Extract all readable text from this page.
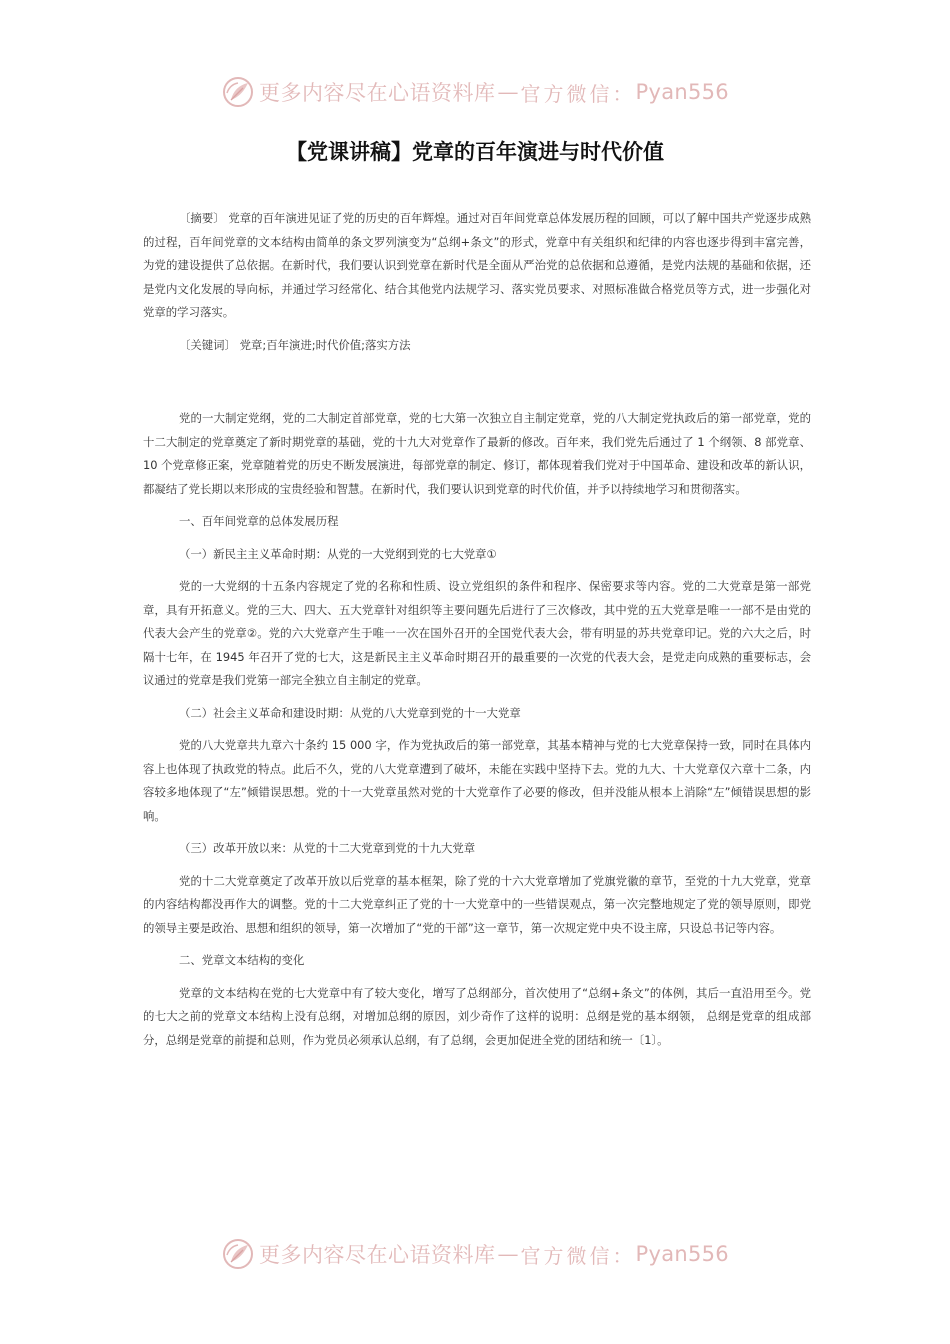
更多内容尽在心语资料库 — 官方微信： Pyan556
【党课讲稿】党章的百年演进与时代价值

〔摘要〕 党章的百年演进见证了党的历史的百年辉煌。通过对百年间党章总体发展历程的回顾，可以了解中国共产党逐步成熟的过程，百年间党章的文本结构由简单的条文罗列演变为“总纲+条文”的形式，党章中有关组织和纪律的内容也逐步得到丰富完善，为党的建设提供了总依据。在新时代，我们要认识到党章在新时代是全面从严治党的总依据和总遵循，是党内法规的基础和依据，还是党内文化发展的导向标，并通过学习经常化、结合其他党内法规学习、落实党员要求、对照标准做合格党员等方式，进一步强化对党章的学习落实。

〔关键词〕 党章;百年演进;时代价值;落实方法

党的一大制定党纲，党的二大制定首部党章，党的七大第一次独立自主制定党章，党的八大制定党执政后的第一部党章，党的十二大制定的党章奠定了新时期党章的基础，党的十九大对党章作了最新的修改。百年来，我们党先后通过了 1 个纲领、8 部党章、10 个党章修正案，党章随着党的历史不断发展演进，每部党章的制定、修订，都体现着我们党对于中国革命、建设和改革的新认识，都凝结了党长期以来形成的宝贵经验和智慧。在新时代，我们要认识到党章的时代价值，并予以持续地学习和贯彻落实。

一、百年间党章的总体发展历程

（一）新民主主义革命时期：从党的一大党纲到党的七大党章①

党的一大党纲的十五条内容规定了党的名称和性质、设立党组织的条件和程序、保密要求等内容。党的二大党章是第一部党章，具有开拓意义。党的三大、四大、五大党章针对组织等主要问题先后进行了三次修改，其中党的五大党章是唯一一部不是由党的代表大会产生的党章②。党的六大党章产生于唯一一次在国外召开的全国党代表大会，带有明显的苏共党章印记。党的六大之后，时隔十七年，在 1945 年召开了党的七大，这是新民主主义革命时期召开的最重要的一次党的代表大会，是党走向成熟的重要标志，会议通过的党章是我们党第一部完全独立自主制定的党章。

（二）社会主义革命和建设时期：从党的八大党章到党的十一大党章

党的八大党章共九章六十条约 15 000 字，作为党执政后的第一部党章，其基本精神与党的七大党章保持一致，同时在具体内容上也体现了执政党的特点。此后不久，党的八大党章遭到了破坏，未能在实践中坚持下去。党的九大、十大党章仅六章十二条，内容较多地体现了“左”倾错误思想。党的十一大党章虽然对党的十大党章作了必要的修改，但并没能从根本上消除“左”倾错误思想的影响。

（三）改革开放以来：从党的十二大党章到党的十九大党章

党的十二大党章奠定了改革开放以后党章的基本框架，除了党的十六大党章增加了党旗党徽的章节，至党的十九大党章，党章的内容结构都没再作大的调整。党的十二大党章纠正了党的十一大党章中的一些错误观点，第一次完整地规定了党的领导原则，即党的领导主要是政治、思想和组织的领导，第一次增加了“党的干部”这一章节，第一次规定党中央不设主席，只设总书记等内容。

二、党章文本结构的变化

党章的文本结构在党的七大党章中有了较大变化，增写了总纲部分，首次使用了“总纲+条文”的体例，其后一直沿用至今。党的七大之前的党章文本结构上没有总纲，对增加总纲的原因，刘少奇作了这样的说明：总纲是党的基本纲领， 总纲是党章的组成部分，总纲是党章的前提和总则，作为党员必须承认总纲，有了总纲，会更加促进全党的团结和统一〔1〕。

更多内容尽在心语资料库 — 官方微信： Pyan556
